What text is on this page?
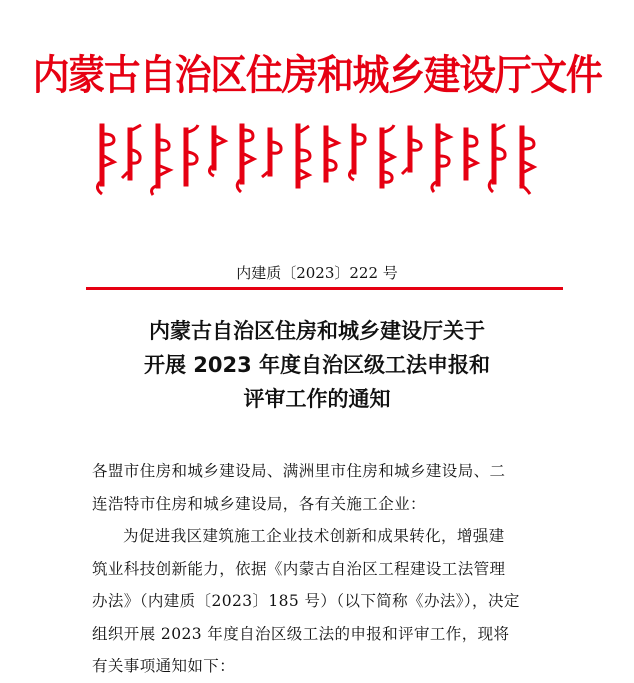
内蒙古自治区住房和城乡建设厅文件
内建质〔2023〕222 号
内蒙古自治区住房和城乡建设厅关于
开展 2023 年度自治区级工法申报和
评审工作的通知

各盟市住房和城乡建设局、满洲里市住房和城乡建设局、二

连浩特市住房和城乡建设局，各有关施工企业：

为促进我区建筑施工企业技术创新和成果转化，增强建

筑业科技创新能力，依据《内蒙古自治区工程建设工法管理

办法》（内建质〔2023〕185 号）（以下简称《办法》），决定

组织开展 2023 年度自治区级工法的申报和评审工作，现将

有关事项通知如下：
